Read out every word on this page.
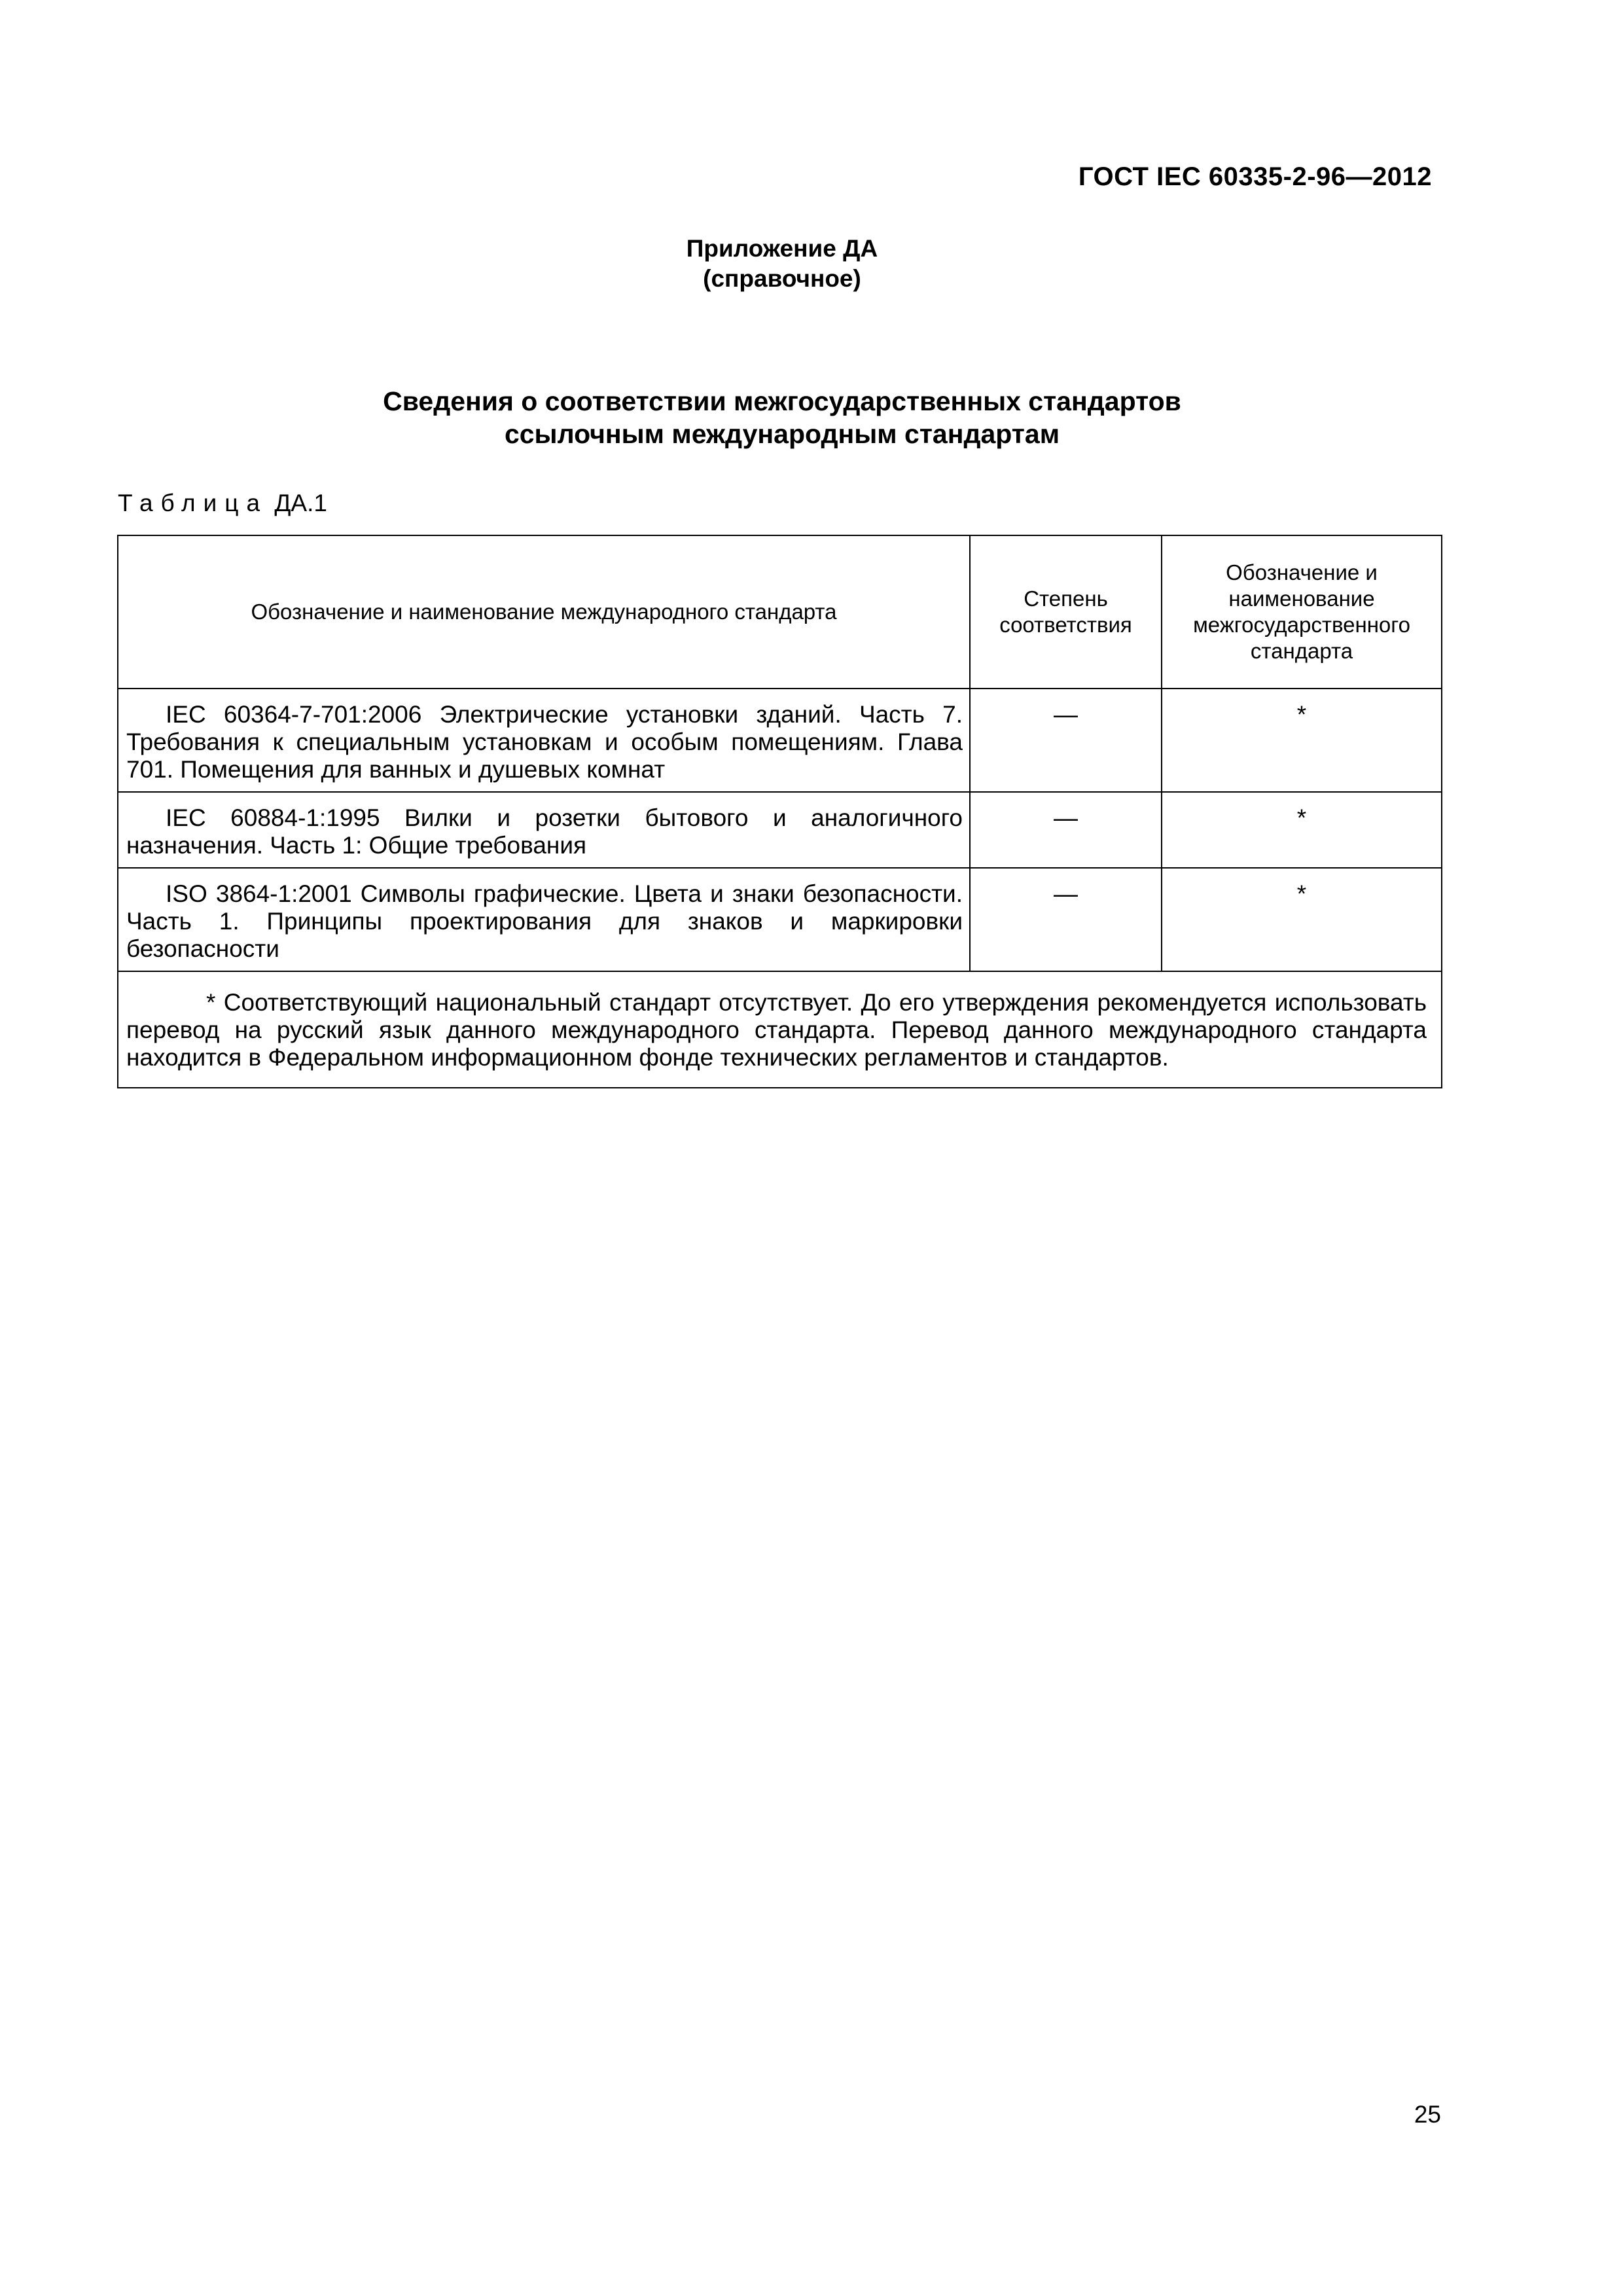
ГОСТ IEC 60335-2-96—2012
Приложение ДА
(справочное)
Сведения о соответствии межгосударственных стандартов
ссылочным международным стандартам
Таблица ДА.1
Обозначение и наименование международного стандарта	Степень соответствия	Обозначение и наименование межгосударственного стандарта
IEC 60364-7-701:2006 Электрические установки зданий. Часть 7. Требования к специальным установкам и особым помещениям. Глава 701. Помещения для ванных и душевых комнат	—	*
IEC 60884-1:1995 Вилки и розетки бытового и аналогичного назначения. Часть 1: Общие требования	—	*
ISO 3864-1:2001 Символы графические. Цвета и знаки безопасности. Часть 1. Принципы проектирования для знаков и маркировки безопасности	—	*
* Соответствующий национальный стандарт отсутствует. До его утверждения рекомендуется использовать перевод на русский язык данного международного стандарта. Перевод данного международного стандарта находится в Федеральном информационном фонде технических регламентов и стандартов.		
25
